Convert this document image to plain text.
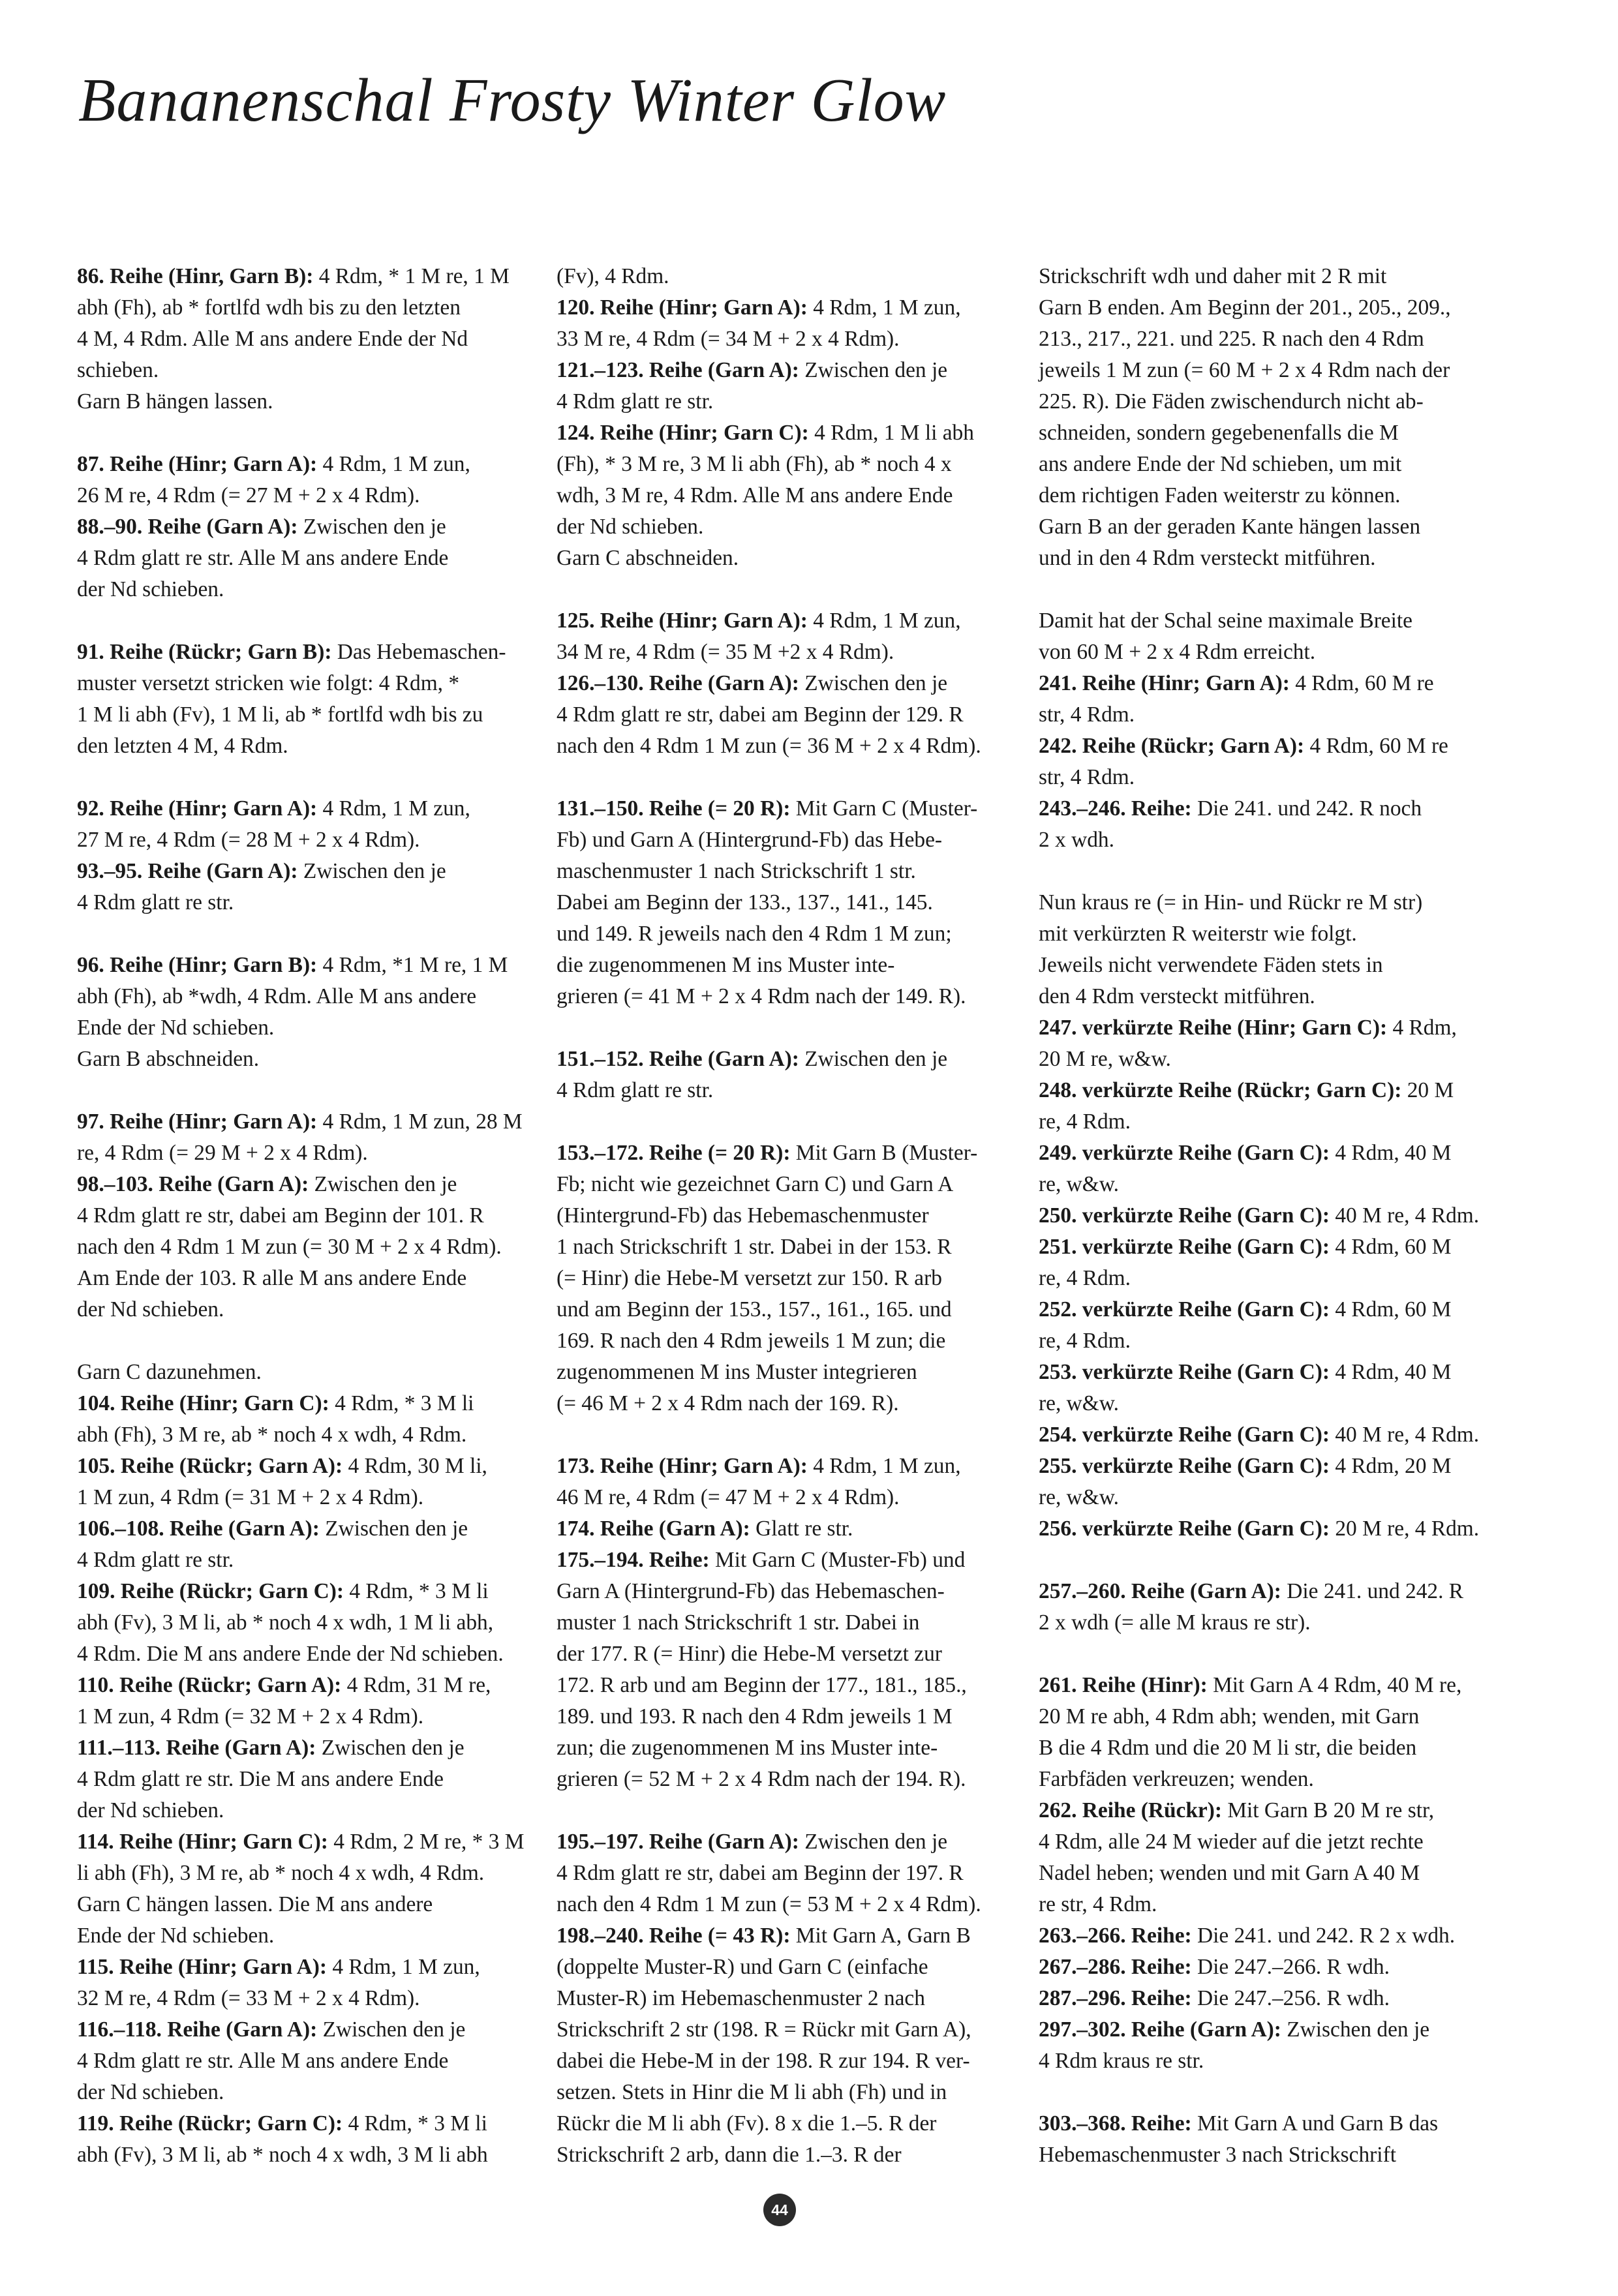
Bananenschal Frosty Winter Glow
86. Reihe (Hinr, Garn B): 4 Rdm, * 1 M re, 1 M
abh (Fh), ab * fortlfd wdh bis zu den letzten
4 M, 4 Rdm. Alle M ans andere Ende der Nd
schieben.
Garn B hängen lassen.
87. Reihe (Hinr; Garn A): 4 Rdm, 1 M zun,
26 M re, 4 Rdm (= 27 M + 2 x 4 Rdm).
88.–90. Reihe (Garn A): Zwischen den je
4 Rdm glatt re str. Alle M ans andere Ende
der Nd schieben.
91. Reihe (Rückr; Garn B): Das Hebemaschen-
muster versetzt stricken wie folgt: 4 Rdm, *
1 M li abh (Fv), 1 M li, ab * fortlfd wdh bis zu
den letzten 4 M, 4 Rdm.
92. Reihe (Hinr; Garn A): 4 Rdm, 1 M zun,
27 M re, 4 Rdm (= 28 M + 2 x 4 Rdm).
93.–95. Reihe (Garn A): Zwischen den je
4 Rdm glatt re str.
96. Reihe (Hinr; Garn B): 4 Rdm, *1 M re, 1 M
abh (Fh), ab *wdh, 4 Rdm. Alle M ans andere
Ende der Nd schieben.
Garn B abschneiden.
97. Reihe (Hinr; Garn A): 4 Rdm, 1 M zun, 28 M
re, 4 Rdm (= 29 M + 2 x 4 Rdm).
98.–103. Reihe (Garn A): Zwischen den je
4 Rdm glatt re str, dabei am Beginn der 101. R
nach den 4 Rdm 1 M zun (= 30 M + 2 x 4 Rdm).
Am Ende der 103. R alle M ans andere Ende
der Nd schieben.
Garn C dazunehmen.
104. Reihe (Hinr; Garn C): 4 Rdm, * 3 M li
abh (Fh), 3 M re, ab * noch 4 x wdh, 4 Rdm.
105. Reihe (Rückr; Garn A): 4 Rdm, 30 M li,
1 M zun, 4 Rdm (= 31 M + 2 x 4 Rdm).
106.–108. Reihe (Garn A): Zwischen den je
4 Rdm glatt re str.
109. Reihe (Rückr; Garn C): 4 Rdm, * 3 M li
abh (Fv), 3 M li, ab * noch 4 x wdh, 1 M li abh,
4 Rdm. Die M ans andere Ende der Nd schieben.
110. Reihe (Rückr; Garn A): 4 Rdm, 31 M re,
1 M zun, 4 Rdm (= 32 M + 2 x 4 Rdm).
111.–113. Reihe (Garn A): Zwischen den je
4 Rdm glatt re str. Die M ans andere Ende
der Nd schieben.
114. Reihe (Hinr; Garn C): 4 Rdm, 2 M re, * 3 M
li abh (Fh), 3 M re, ab * noch 4 x wdh, 4 Rdm.
Garn C hängen lassen. Die M ans andere
Ende der Nd schieben.
115. Reihe (Hinr; Garn A): 4 Rdm, 1 M zun,
32 M re, 4 Rdm (= 33 M + 2 x 4 Rdm).
116.–118. Reihe (Garn A): Zwischen den je
4 Rdm glatt re str. Alle M ans andere Ende
der Nd schieben.
119. Reihe (Rückr; Garn C): 4 Rdm, * 3 M li
abh (Fv), 3 M li, ab * noch 4 x wdh, 3 M li abh
(Fv), 4 Rdm.
120. Reihe (Hinr; Garn A): 4 Rdm, 1 M zun,
33 M re, 4 Rdm (= 34 M + 2 x 4 Rdm).
121.–123. Reihe (Garn A): Zwischen den je
4 Rdm glatt re str.
124. Reihe (Hinr; Garn C): 4 Rdm, 1 M li abh
(Fh), * 3 M re, 3 M li abh (Fh), ab * noch 4 x
wdh, 3 M re, 4 Rdm. Alle M ans andere Ende
der Nd schieben.
Garn C abschneiden.
125. Reihe (Hinr; Garn A): 4 Rdm, 1 M zun,
34 M re, 4 Rdm (= 35 M +2 x 4 Rdm).
126.–130. Reihe (Garn A): Zwischen den je
4 Rdm glatt re str, dabei am Beginn der 129. R
nach den 4 Rdm 1 M zun (= 36 M + 2 x 4 Rdm).
131.–150. Reihe (= 20 R): Mit Garn C (Muster-
Fb) und Garn A (Hintergrund-Fb) das Hebe-
maschenmuster 1 nach Strickschrift 1 str.
Dabei am Beginn der 133., 137., 141., 145.
und 149. R jeweils nach den 4 Rdm 1 M zun;
die zugenommenen M ins Muster inte-
grieren (= 41 M + 2 x 4 Rdm nach der 149. R).
151.–152. Reihe (Garn A): Zwischen den je
4 Rdm glatt re str.
153.–172. Reihe (= 20 R): Mit Garn B (Muster-
Fb; nicht wie gezeichnet Garn C) und Garn A
(Hintergrund-Fb) das Hebemaschenmuster
1 nach Strickschrift 1 str. Dabei in der 153. R
(= Hinr) die Hebe-M versetzt zur 150. R arb
und am Beginn der 153., 157., 161., 165. und
169. R nach den 4 Rdm jeweils 1 M zun; die
zugenommenen M ins Muster integrieren
(= 46 M + 2 x 4 Rdm nach der 169. R).
173. Reihe (Hinr; Garn A): 4 Rdm, 1 M zun,
46 M re, 4 Rdm (= 47 M + 2 x 4 Rdm).
174. Reihe (Garn A): Glatt re str.
175.–194. Reihe: Mit Garn C (Muster-Fb) und
Garn A (Hintergrund-Fb) das Hebemaschen-
muster 1 nach Strickschrift 1 str. Dabei in
der 177. R (= Hinr) die Hebe-M versetzt zur
172. R arb und am Beginn der 177., 181., 185.,
189. und 193. R nach den 4 Rdm jeweils 1 M
zun; die zugenommenen M ins Muster inte-
grieren (= 52 M + 2 x 4 Rdm nach der 194. R).
195.–197. Reihe (Garn A): Zwischen den je
4 Rdm glatt re str, dabei am Beginn der 197. R
nach den 4 Rdm 1 M zun (= 53 M + 2 x 4 Rdm).
198.–240. Reihe (= 43 R): Mit Garn A, Garn B
(doppelte Muster-R) und Garn C (einfache
Muster-R) im Hebemaschenmuster 2 nach
Strickschrift 2 str (198. R = Rückr mit Garn A),
dabei die Hebe-M in der 198. R zur 194. R ver-
setzen. Stets in Hinr die M li abh (Fh) und in
Rückr die M li abh (Fv). 8 x die 1.–5. R der
Strickschrift 2 arb, dann die 1.–3. R der
Strickschrift wdh und daher mit 2 R mit
Garn B enden. Am Beginn der 201., 205., 209.,
213., 217., 221. und 225. R nach den 4 Rdm
jeweils 1 M zun (= 60 M + 2 x 4 Rdm nach der
225. R). Die Fäden zwischendurch nicht ab-
schneiden, sondern gegebenenfalls die M
ans andere Ende der Nd schieben, um mit
dem richtigen Faden weiterstr zu können.
Garn B an der geraden Kante hängen lassen
und in den 4 Rdm versteckt mitführen.
Damit hat der Schal seine maximale Breite
von 60 M + 2 x 4 Rdm erreicht.
241. Reihe (Hinr; Garn A): 4 Rdm, 60 M re
str, 4 Rdm.
242. Reihe (Rückr; Garn A): 4 Rdm, 60 M re
str, 4 Rdm.
243.–246. Reihe: Die 241. und 242. R noch
2 x wdh.
Nun kraus re (= in Hin- und Rückr re M str)
mit verkürzten R weiterstr wie folgt.
Jeweils nicht verwendete Fäden stets in
den 4 Rdm versteckt mitführen.
247. verkürzte Reihe (Hinr; Garn C): 4 Rdm,
20 M re, w&w.
248. verkürzte Reihe (Rückr; Garn C): 20 M
re, 4 Rdm.
249. verkürzte Reihe (Garn C): 4 Rdm, 40 M
re, w&w.
250. verkürzte Reihe (Garn C): 40 M re, 4 Rdm.
251. verkürzte Reihe (Garn C): 4 Rdm, 60 M
re, 4 Rdm.
252. verkürzte Reihe (Garn C): 4 Rdm, 60 M
re, 4 Rdm.
253. verkürzte Reihe (Garn C): 4 Rdm, 40 M
re, w&w.
254. verkürzte Reihe (Garn C): 40 M re, 4 Rdm.
255. verkürzte Reihe (Garn C): 4 Rdm, 20 M
re, w&w.
256. verkürzte Reihe (Garn C): 20 M re, 4 Rdm.
257.–260. Reihe (Garn A): Die 241. und 242. R
2 x wdh (= alle M kraus re str).
261. Reihe (Hinr): Mit Garn A 4 Rdm, 40 M re,
20 M re abh, 4 Rdm abh; wenden, mit Garn
B die 4 Rdm und die 20 M li str, die beiden
Farbfäden verkreuzen; wenden.
262. Reihe (Rückr): Mit Garn B 20 M re str,
4 Rdm, alle 24 M wieder auf die jetzt rechte
Nadel heben; wenden und mit Garn A 40 M
re str, 4 Rdm.
263.–266. Reihe: Die 241. und 242. R 2 x wdh.
267.–286. Reihe: Die 247.–266. R wdh.
287.–296. Reihe: Die 247.–256. R wdh.
297.–302. Reihe (Garn A): Zwischen den je
4 Rdm kraus re str.
303.–368. Reihe: Mit Garn A und Garn B das
Hebemaschenmuster 3 nach Strickschrift
44
